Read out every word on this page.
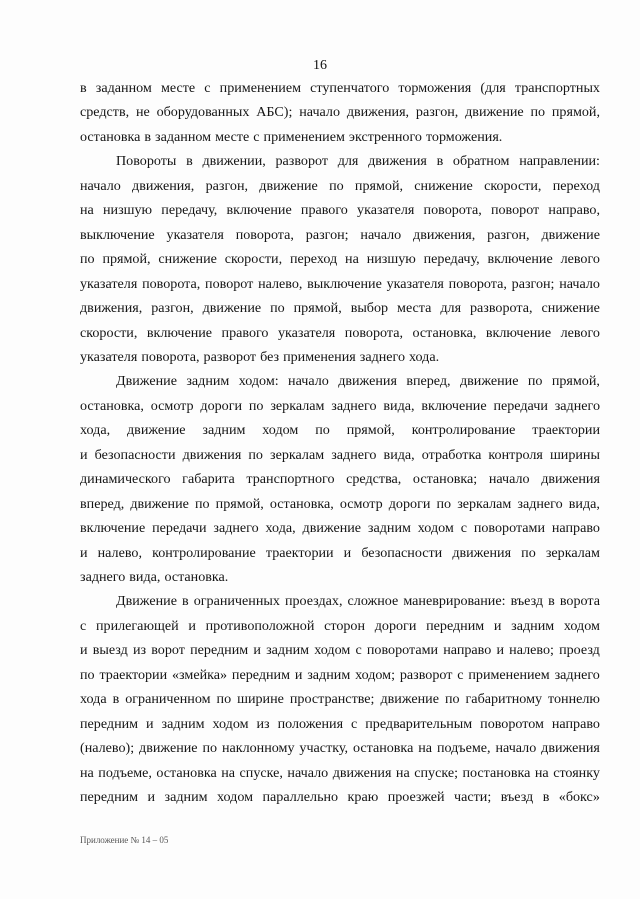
16
в заданном месте с применением ступенчатого торможения (для транспортных
средств, не оборудованных АБС); начало движения, разгон, движение по прямой,
остановка в заданном месте с применением экстренного торможения.
Повороты в движении, разворот для движения в обратном направлении:
начало движения, разгон, движение по прямой, снижение скорости, переход
на низшую передачу, включение правого указателя поворота, поворот направо,
выключение указателя поворота, разгон; начало движения, разгон, движение
по прямой, снижение скорости, переход на низшую передачу, включение левого
указателя поворота, поворот налево, выключение указателя поворота, разгон; начало
движения, разгон, движение по прямой, выбор места для разворота, снижение
скорости, включение правого указателя поворота, остановка, включение левого
указателя поворота, разворот без применения заднего хода.
Движение задним ходом: начало движения вперед, движение по прямой,
остановка, осмотр дороги по зеркалам заднего вида, включение передачи заднего
хода, движение задним ходом по прямой, контролирование траектории
и безопасности движения по зеркалам заднего вида, отработка контроля ширины
динамического габарита транспортного средства, остановка; начало движения
вперед, движение по прямой, остановка, осмотр дороги по зеркалам заднего вида,
включение передачи заднего хода, движение задним ходом с поворотами направо
и налево, контролирование траектории и безопасности движения по зеркалам
заднего вида, остановка.
Движение в ограниченных проездах, сложное маневрирование: въезд в ворота
с прилегающей и противоположной сторон дороги передним и задним ходом
и выезд из ворот передним и задним ходом с поворотами направо и налево; проезд
по траектории «змейка» передним и задним ходом; разворот с применением заднего
хода в ограниченном по ширине пространстве; движение по габаритному тоннелю
передним и задним ходом из положения с предварительным поворотом направо
(налево); движение по наклонному участку, остановка на подъеме, начало движения
на подъеме, остановка на спуске, начало движения на спуске; постановка на стоянку
передним и задним ходом параллельно краю проезжей части; въезд в «бокс»
Приложение № 14 – 05
